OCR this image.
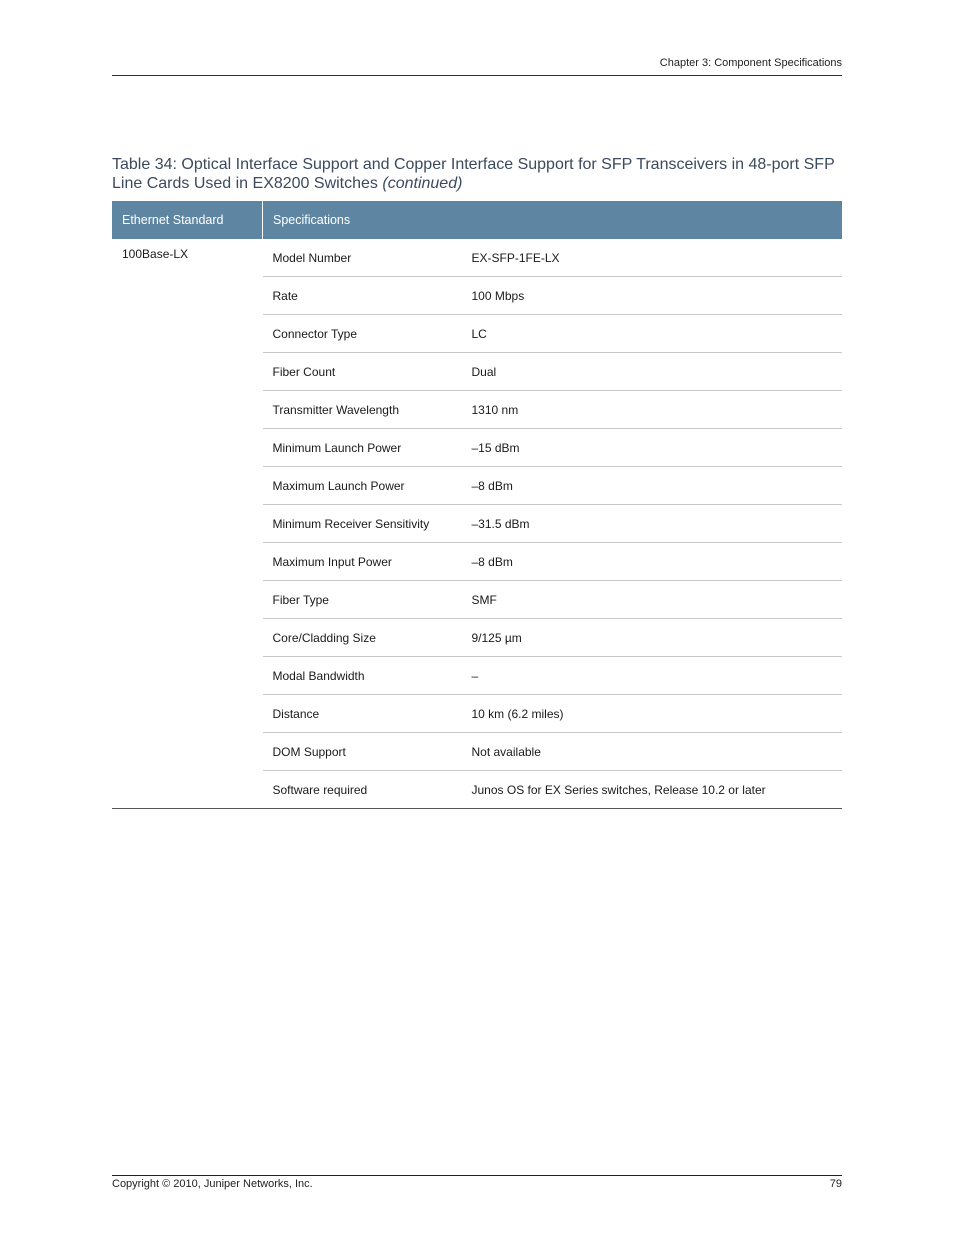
Chapter 3: Component Specifications
Table 34: Optical Interface Support and Copper Interface Support for SFP Transceivers in 48-port SFP Line Cards Used in EX8200 Switches (continued)
Ethernet Standard	Specifications	
100Base-LX	Model Number	EX-SFP-1FE-LX
	Rate	100 Mbps
	Connector Type	LC
	Fiber Count	Dual
	Transmitter Wavelength	1310 nm
	Minimum Launch Power	–15 dBm
	Maximum Launch Power	–8 dBm
	Minimum Receiver Sensitivity	–31.5 dBm
	Maximum Input Power	–8 dBm
	Fiber Type	SMF
	Core/Cladding Size	9/125 µm
	Modal Bandwidth	–
	Distance	10 km (6.2 miles)
	DOM Support	Not available
	Software required	Junos OS for EX Series switches, Release 10.2 or later
Copyright © 2010, Juniper Networks, Inc.	79
